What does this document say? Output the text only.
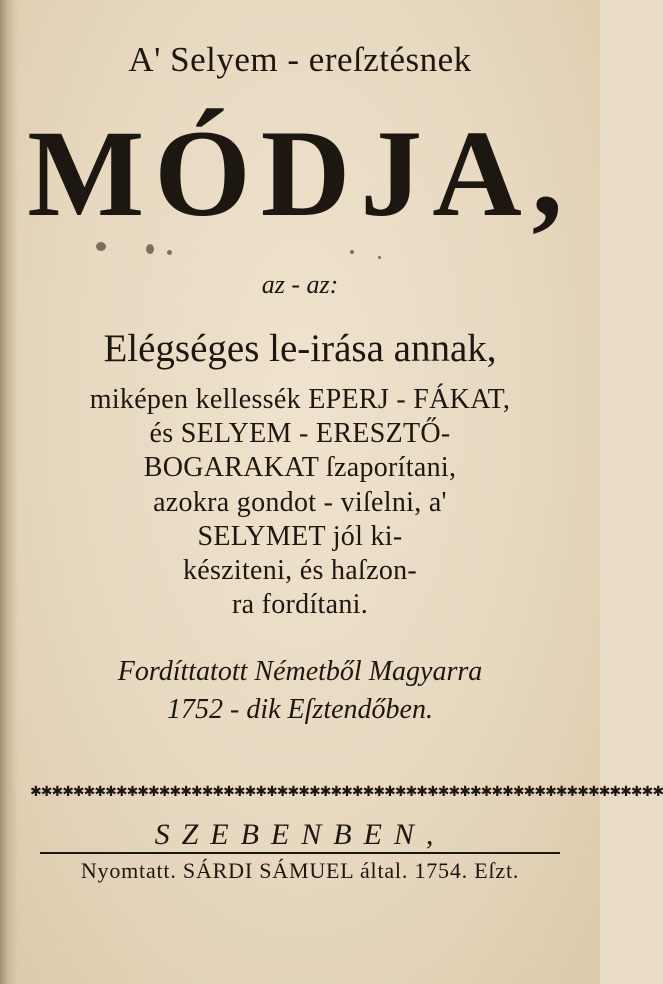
A' Selyem - ereſztésnek
MÓDJA,
az - az:
Elégséges le-irása annak,
miképen kellessék EPERJ - FÁKAT,
és SELYEM - ERESZTŐ-
BOGARAKAT ſzaporítani,
azokra gondot - viſelni, a'
SELYMET jól ki-
késziteni, és haſzon-
ra fordítani.
Fordíttatott Németből Magyarra
1752 - dik Eſztendőben.
✱✱✱✱✱✱✱✱✱✱✱✱✱✱✱✱✱✱✱✱✱✱✱✱✱✱✱✱✱✱✱✱✱✱✱✱✱✱✱✱✱✱✱✱✱✱✱✱✱✱✱✱✱✱✱✱✱✱✱
SZEBENBEN,
Nyomtatt. SÁRDI SÁMUEL által. 1754. Eſzt.
